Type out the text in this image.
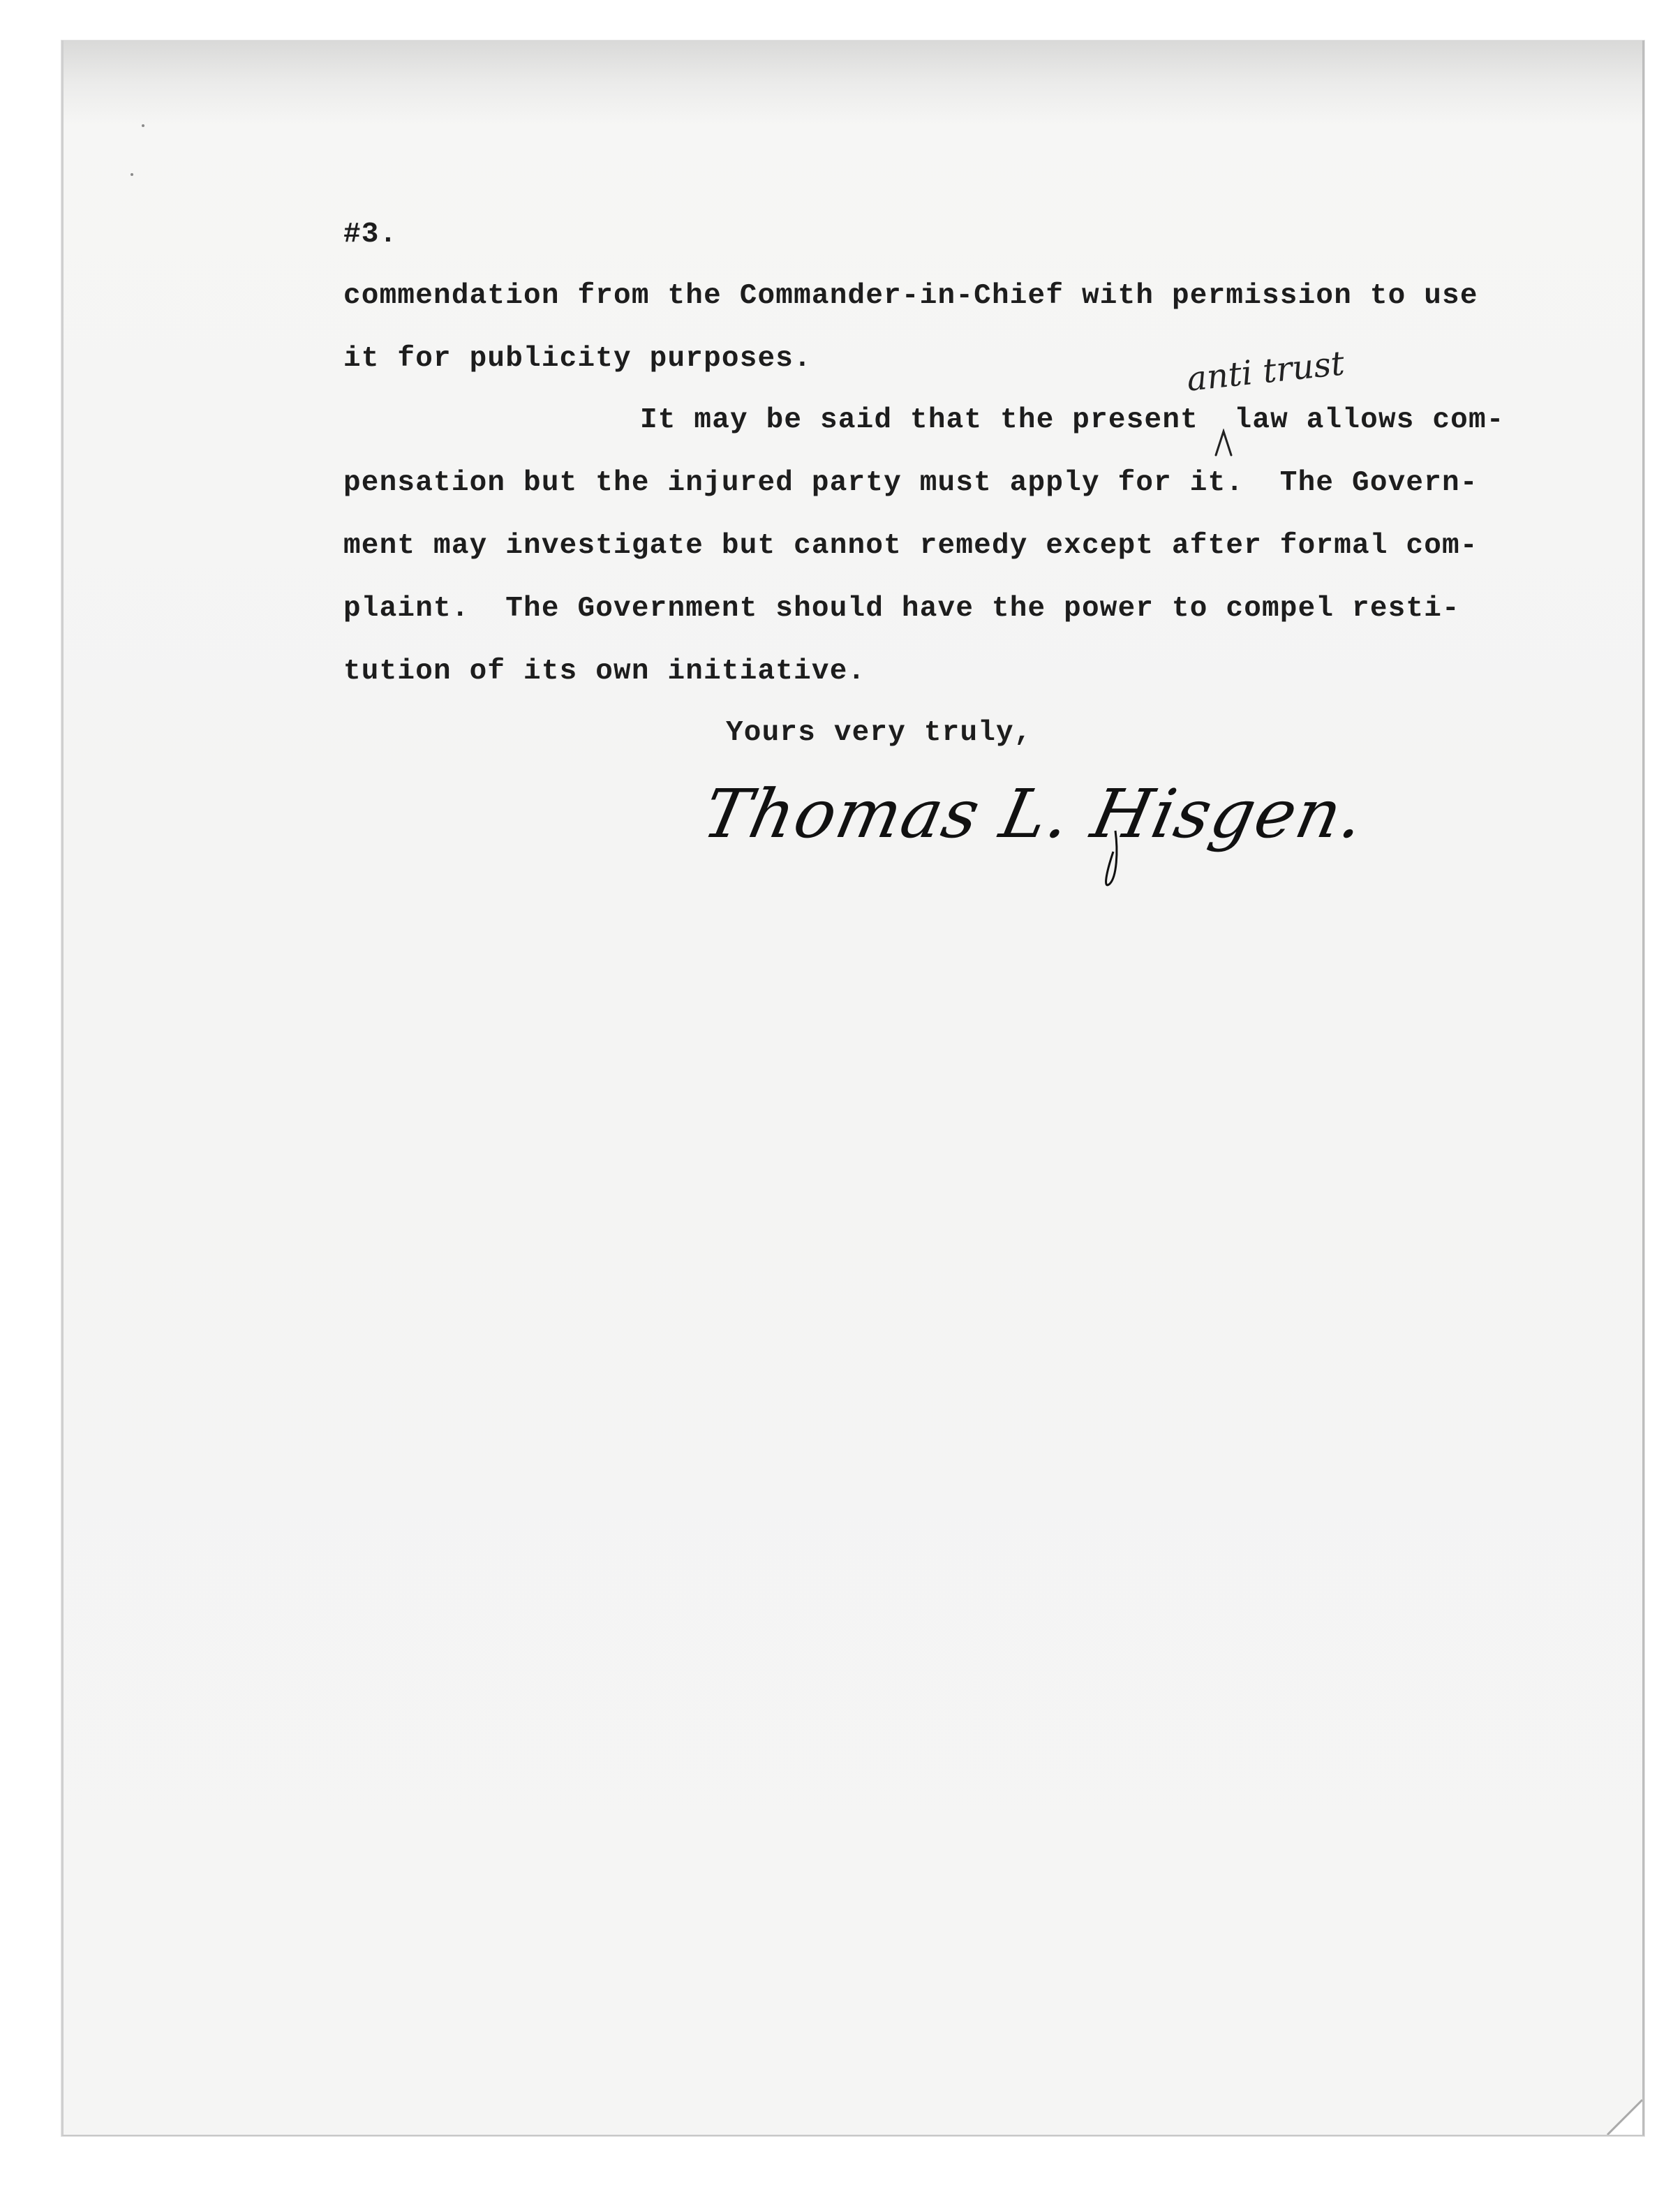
#3.

commendation from the Commander-in-Chief with permission to use

it for publicity purposes.

It may be said that the present  law allows com-

pensation but the injured party must apply for it.  The Govern-

ment may investigate but cannot remedy except after formal com-

plaint.  The Government should have the power to compel resti-

tution of its own initiative.

anti trust

Yours very truly,

Thomas L. Hisgen.
